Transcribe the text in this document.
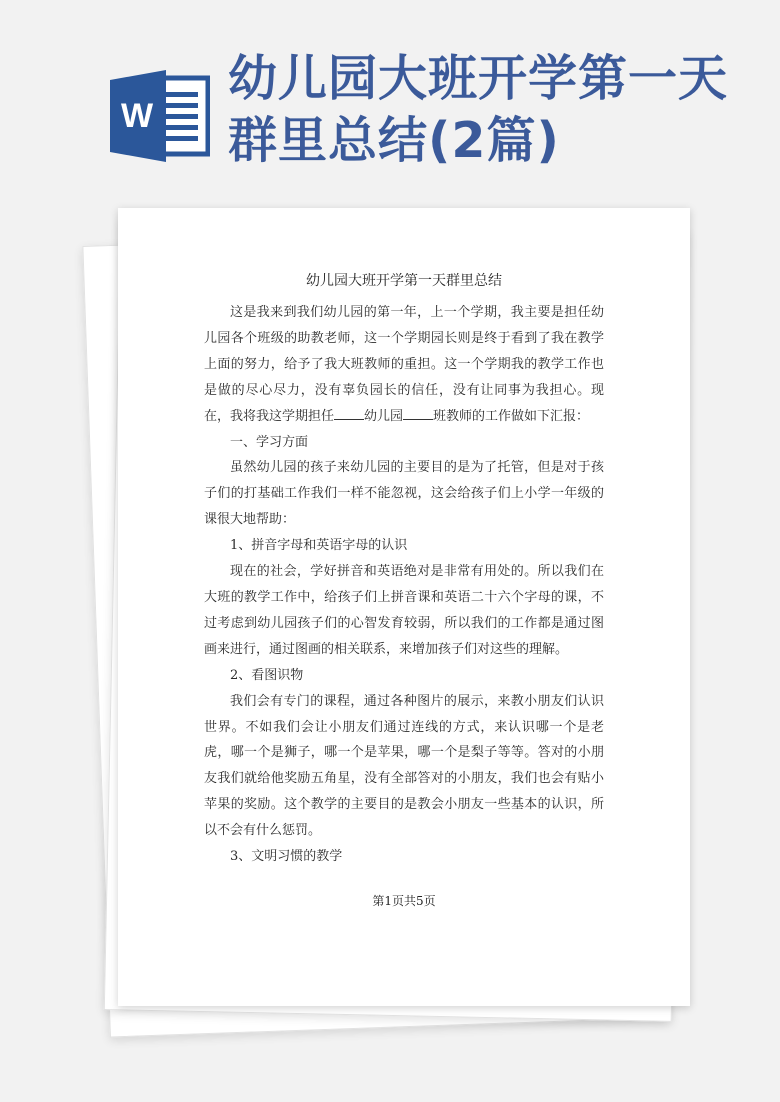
W
幼儿园大班开学第一天群里总结(2篇)
幼儿园大班开学第一天群里总结

这是我来到我们幼儿园的第一年，上一个学期，我主要是担任幼儿园各个班级的助教老师，这一个学期园长则是终于看到了我在教学上面的努力，给予了我大班教师的重担。这一个学期我的教学工作也是做的尽心尽力，没有辜负园长的信任，没有让同事为我担心。现在，我将我这学期担任 幼儿园 班教师的工作做如下汇报：

一、学习方面

虽然幼儿园的孩子来幼儿园的主要目的是为了托管，但是对于孩子们的打基础工作我们一样不能忽视，这会给孩子们上小学一年级的课很大地帮助：

1、拼音字母和英语字母的认识

现在的社会，学好拼音和英语绝对是非常有用处的。所以我们在大班的教学工作中，给孩子们上拼音课和英语二十六个字母的课，不过考虑到幼儿园孩子们的心智发育较弱，所以我们的工作都是通过图画来进行，通过图画的相关联系，来增加孩子们对这些的理解。

2、看图识物

我们会有专门的课程，通过各种图片的展示，来教小朋友们认识世界。不如我们会让小朋友们通过连线的方式，来认识哪一个是老虎，哪一个是狮子，哪一个是苹果，哪一个是梨子等等。答对的小朋友我们就给他奖励五角星，没有全部答对的小朋友，我们也会有贴小苹果的奖励。这个教学的主要目的是教会小朋友一些基本的认识，所以不会有什么惩罚。

3、文明习惯的教学

第1页共5页
